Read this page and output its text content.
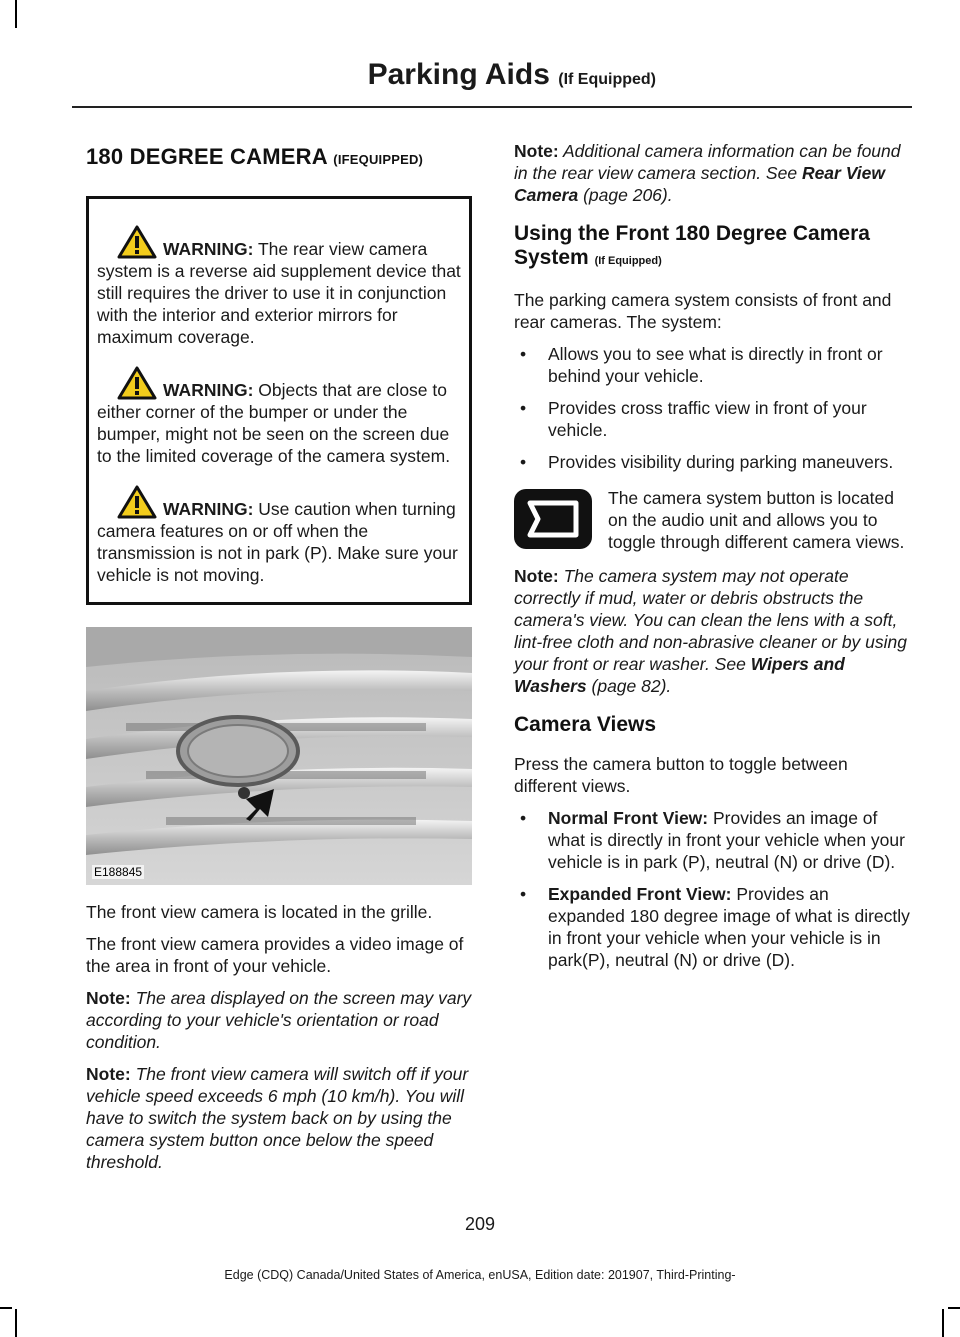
Parking Aids (If Equipped)
180 DEGREE CAMERA (IFEQUIPPED)

WARNING: The rear view camera system is a reverse aid supplement device that still requires the driver to use it in conjunction with the interior and exterior mirrors for maximum coverage.

WARNING: Objects that are close to either corner of the bumper or under the bumper, might not be seen on the screen due to the limited coverage of the camera system.

WARNING: Use caution when turning camera features on or off when the transmission is not in park (P). Make sure your vehicle is not moving.

E188845

The front view camera is located in the grille.

The front view camera provides a video image of the area in front of your vehicle.

Note: The area displayed on the screen may vary according to your vehicle's orientation or road condition.

Note: The front view camera will switch off if your vehicle speed exceeds 6 mph (10 km/h). You will have to switch the system back on by using the camera system button once below the speed threshold.

Note: Additional camera information can be found in the rear view camera section. See Rear View Camera (page 206).

Using the Front 180 Degree Camera System (If Equipped)

The parking camera system consists of front and rear cameras. The system:

• Allows you to see what is directly in front or behind your vehicle.
• Provides cross traffic view in front of your vehicle.
• Provides visibility during parking maneuvers.

The camera system button is located on the audio unit and allows you to toggle through different camera views.

Note: The camera system may not operate correctly if mud, water or debris obstructs the camera's view. You can clean the lens with a soft, lint-free cloth and non-abrasive cleaner or by using your front or rear washer. See Wipers and Washers (page 82).

Camera Views

Press the camera button to toggle between different views.

• Normal Front View: Provides an image of what is directly in front your vehicle when your vehicle is in park (P), neutral (N) or drive (D).
• Expanded Front View: Provides an expanded 180 degree image of what is directly in front your vehicle when your vehicle is in park(P), neutral (N) or drive (D).
209
Edge (CDQ) Canada/United States of America, enUSA, Edition date: 201907, Third-Printing-
